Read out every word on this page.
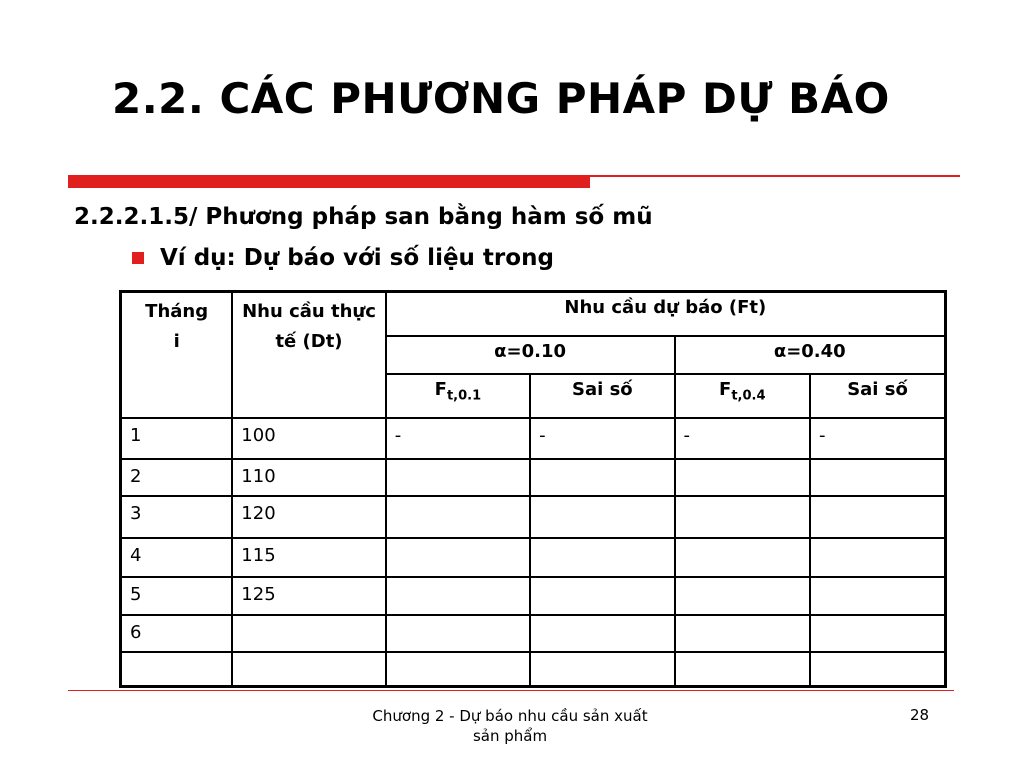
2.2. CÁC PHƯƠNG PHÁP DỰ BÁO
2.2.2.1.5/ Phương pháp san bằng hàm số mũ
Ví dụ: Dự báo với số liệu trong
Tháng
i	Nhu cầu thực tế (Dt)	Nhu cầu dự báo (Ft)			
		α=0.10		α=0.40	
		$F_{t,0.1}$	Sai số	$F_{t,0.4}$	Sai số
1	100	-	-	-	-
2	110				
3	120				
4	115				
5	125				
6					

Chương 2 - Dự báo nhu cầu sản xuất sản phẩm
28
